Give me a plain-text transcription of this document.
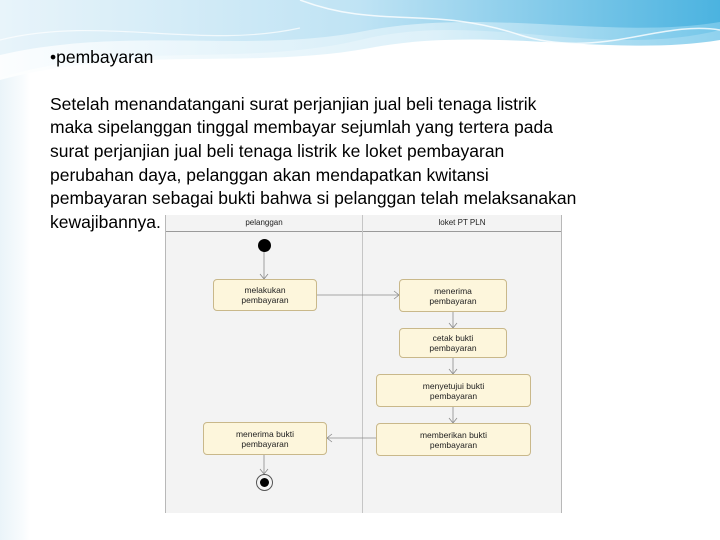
•pembayaran

Setelah menandatangani surat perjanjian jual beli tenaga listrik
maka sipelanggan tinggal membayar sejumlah yang tertera pada
surat perjanjian jual beli tenaga listrik ke loket pembayaran
perubahan daya, pelanggan akan mendapatkan kwitansi
pembayaran sebagai bukti bahwa si pelanggan telah melaksanakan
kewajibannya.	pelanggan	loket PT PLN
melakukan
pembayaran
menerima
pembayaran
cetak bukti
pembayaran
menyetujui bukti
pembayaran
memberikan bukti
pembayaran
menerima bukti
pembayaran
